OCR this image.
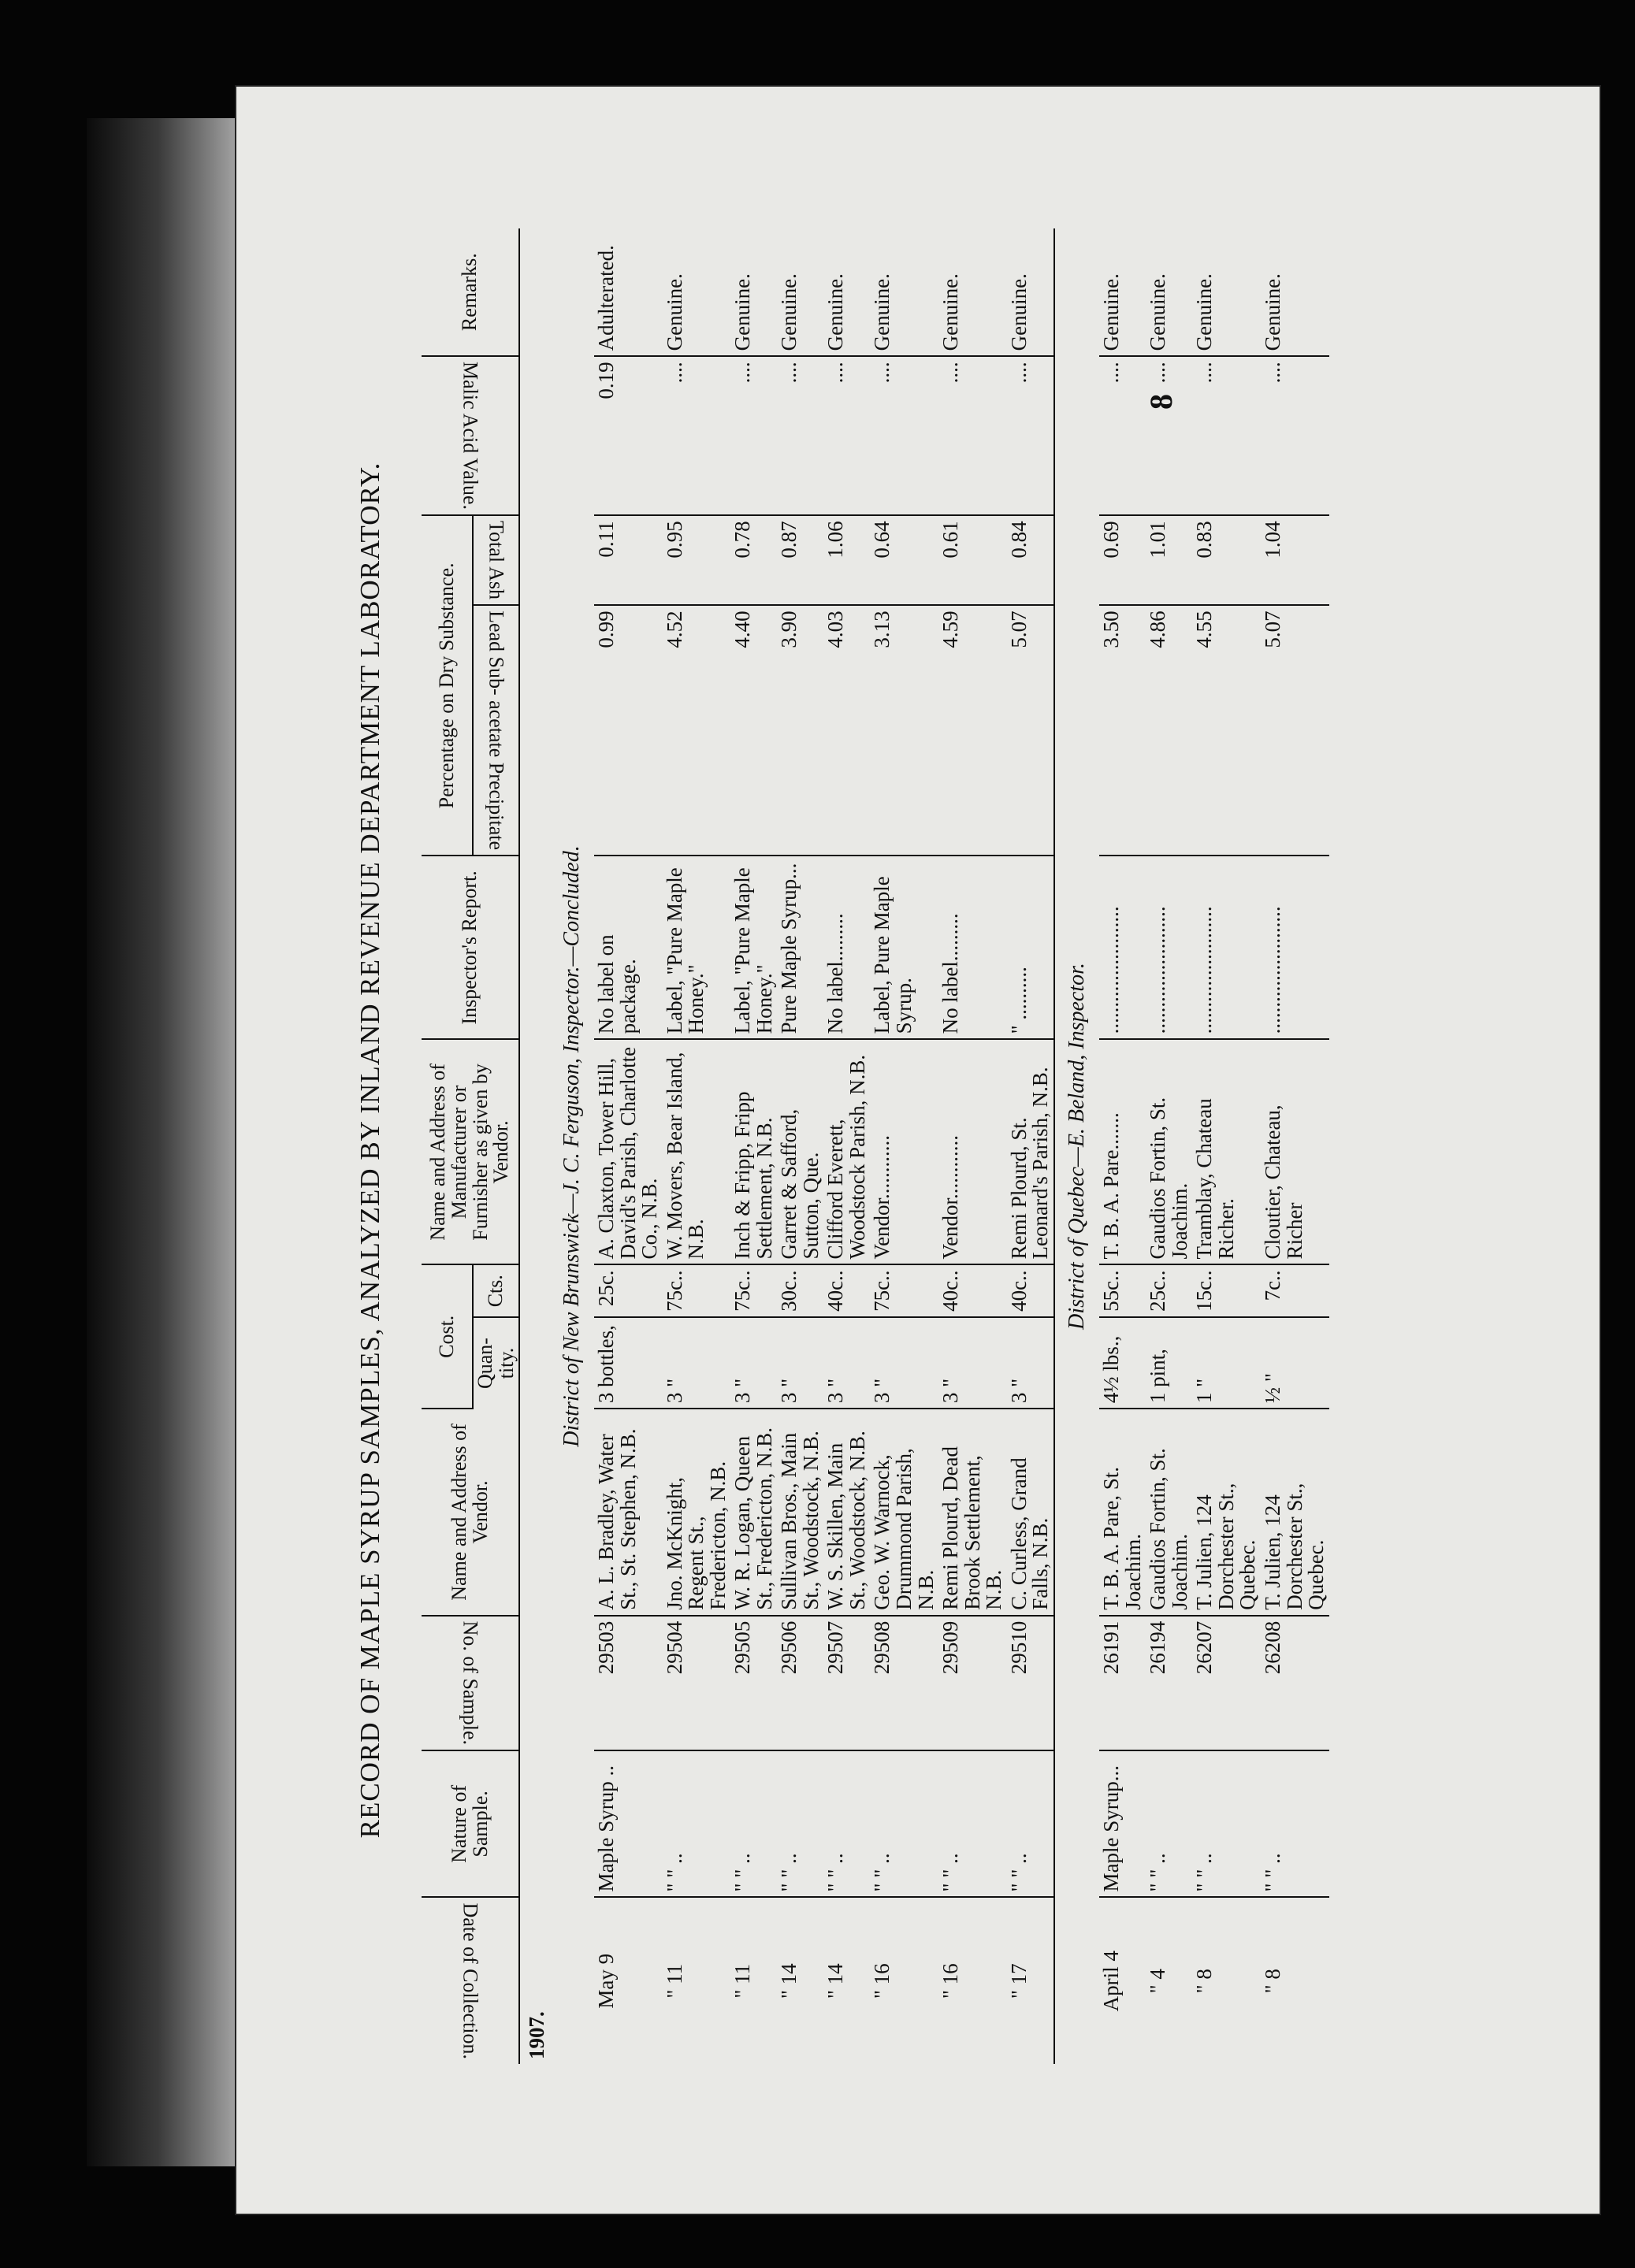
8
RECORD OF MAPLE SYRUP SAMPLES, ANALYZED BY INLAND REVENUE DEPARTMENT LABORATORY.
Date of Collection.	Nature of Sample.	No. of Sample.	Name and Address of Vendor.	Cost.		Name and Address of Manufacturer or Furnisher as given by Vendor.	Inspector's Report.	Percentage on Dry Substance.		Malic Acid Value.	Remarks.
				Quan- tity.	Cts.			Lead Sub- acetate Precipitate	Total Ash		
1907.											
District of New Brunswick—J. C. Ferguson, Inspector.—Concluded.											
May 9	Maple Syrup ..	29503	A. L. Bradley, Water St., St. Stephen, N.B.	3 bottles,	25c.	A. Claxton, Tower Hill, David's Parish, Charlotte Co., N.B.	No label on package.	0.99	0.11	0.19	Adulterated.
" 11	" " ..	29504	Jno. McKnight, Regent St., Fredericton, N.B.	3 "	75c..	W. Movers, Bear Island, N.B.	Label, "Pure Maple Honey."	4.52	0.95	....	Genuine.
" 11	" " ..	29505	W. R. Logan, Queen St., Fredericton, N.B.	3 "	75c..	Inch & Fripp, Fripp Settlement, N.B.	Label, "Pure Maple Honey."	4.40	0.78	....	Genuine.
" 14	" " ..	29506	Sullivan Bros., Main St., Woodstock, N.B.	3 "	30c..	Garret & Safford, Sutton, Que.	Pure Maple Syrup...	3.90	0.87	....	Genuine.
" 14	" " ..	29507	W. S. Skillen, Main St., Woodstock, N.B.	3 "	40c..	Clifford Everett, Woodstock Parish, N.B.	No label.........	4.03	1.06	....	Genuine.
" 16	" " ..	29508	Geo. W. Warnock, Drummond Parish, N.B.	3 "	75c..	Vendor............	Label, Pure Maple Syrup.	3.13	0.64	....	Genuine.
" 16	" " ..	29509	Remi Plourd, Dead Brook Settlement, N.B.	3 "	40c..	Vendor............	No label.........	4.59	0.61	....	Genuine.
" 17	" " ..	29510	C. Curless, Grand Falls, N.B.	3 "	40c..	Remi Plourd, St. Leonard's Parish, N.B.	" ..........	5.07	0.84	....	Genuine.
District of Quebec—E. Beland, Inspector.											
April 4	Maple Syrup...	26191	T. B. A. Pare, St. Joachim.	4½ lbs.,	55c..	T. B. A. Pare.......	........................	3.50	0.69	....	Genuine.
" 4	" " ..	26194	Gaudios Fortin, St. Joachim.	1 pint,	25c..	Gaudios Fortin, St. Joachim.	........................	4.86	1.01	....	Genuine.
" 8	" " ..	26207	T. Julien, 124 Dorchester St., Quebec.	1 "	15c..	Tramblay, Chateau Richer.	........................	4.55	0.83	....	Genuine.
" 8	" " ..	26208	T. Julien, 124 Dorchester St., Quebec.	½ "	7c..	Cloutier, Chateau, Richer	........................	5.07	1.04	....	Genuine.
